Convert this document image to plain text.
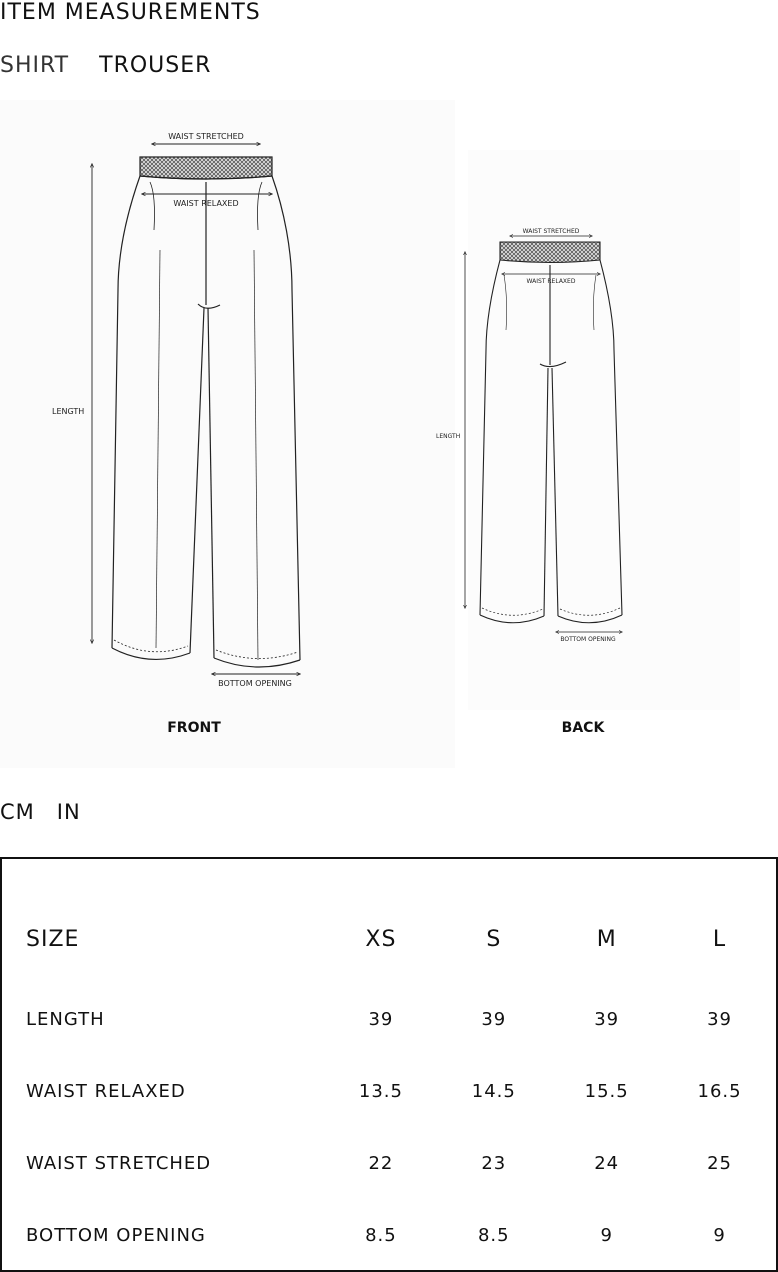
ITEM MEASUREMENTS
SHIRT TROUSER
WAIST STRETCHED
WAIST RELAXED
LENGTH
BOTTOM OPENING
FRONT
WAIST STRETCHED
WAIST RELAXED
LENGTH
BOTTOM OPENING
BACK
CM IN
SIZE	XS	S	M	L
LENGTH	39	39	39	39
WAIST RELAXED	13.5	14.5	15.5	16.5
WAIST STRETCHED	22	23	24	25
BOTTOM OPENING	8.5	8.5	9	9
